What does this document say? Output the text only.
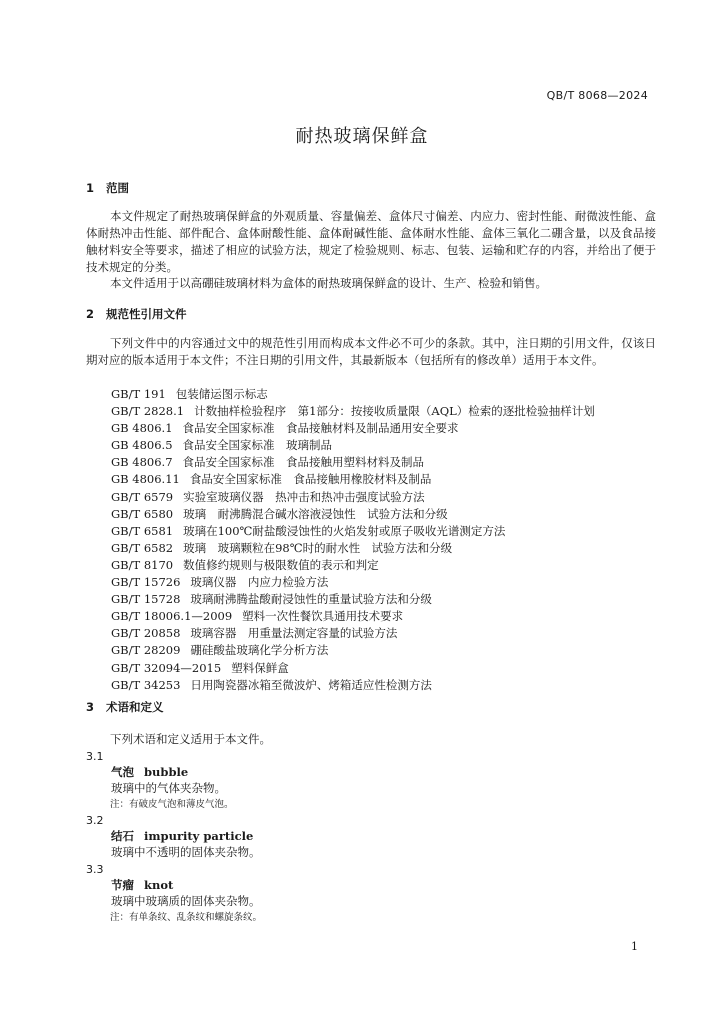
QB/T 8068—2024
耐热玻璃保鲜盒
1 范围

本文件规定了耐热玻璃保鲜盒的外观质量、容量偏差、盒体尺寸偏差、内应力、密封性能、耐微波性能、盒体耐热冲击性能、部件配合、盒体耐酸性能、盒体耐碱性能、盒体耐水性能、盒体三氧化二硼含量，以及食品接触材料安全等要求，描述了相应的试验方法，规定了检验规则、标志、包装、运输和贮存的内容，并给出了便于技术规定的分类。

本文件适用于以高硼硅玻璃材料为盒体的耐热玻璃保鲜盒的设计、生产、检验和销售。

2 规范性引用文件

下列文件中的内容通过文中的规范性引用而构成本文件必不可少的条款。其中，注日期的引用文件，仅该日期对应的版本适用于本文件；不注日期的引用文件，其最新版本（包括所有的修改单）适用于本文件。

GB/T 191 包装储运图示标志
GB/T 2828.1 计数抽样检验程序　第1部分：按接收质量限（AQL）检索的逐批检验抽样计划
GB 4806.1 食品安全国家标准　食品接触材料及制品通用安全要求
GB 4806.5 食品安全国家标准　玻璃制品
GB 4806.7 食品安全国家标准　食品接触用塑料材料及制品
GB 4806.11 食品安全国家标准　食品接触用橡胶材料及制品
GB/T 6579 实验室玻璃仪器　热冲击和热冲击强度试验方法
GB/T 6580 玻璃　耐沸腾混合碱水溶液浸蚀性　试验方法和分级
GB/T 6581 玻璃在100℃耐盐酸浸蚀性的火焰发射或原子吸收光谱测定方法
GB/T 6582 玻璃　玻璃颗粒在98℃时的耐水性　试验方法和分级
GB/T 8170 数值修约规则与极限数值的表示和判定
GB/T 15726 玻璃仪器　内应力检验方法
GB/T 15728 玻璃耐沸腾盐酸耐浸蚀性的重量试验方法和分级
GB/T 18006.1—2009 塑料一次性餐饮具通用技术要求
GB/T 20858 玻璃容器　用重量法测定容量的试验方法
GB/T 28209 硼硅酸盐玻璃化学分析方法
GB/T 32094—2015 塑料保鲜盒
GB/T 34253 日用陶瓷器冰箱至微波炉、烤箱适应性检测方法
3 术语和定义

下列术语和定义适用于本文件。

3.1
气泡 bubble
玻璃中的气体夹杂物。
注：有破皮气泡和薄皮气泡。
3.2
结石 impurity particle
玻璃中不透明的固体夹杂物。
3.3
节瘤 knot
玻璃中玻璃质的固体夹杂物。
注：有单条纹、乱条纹和螺旋条纹。
1
